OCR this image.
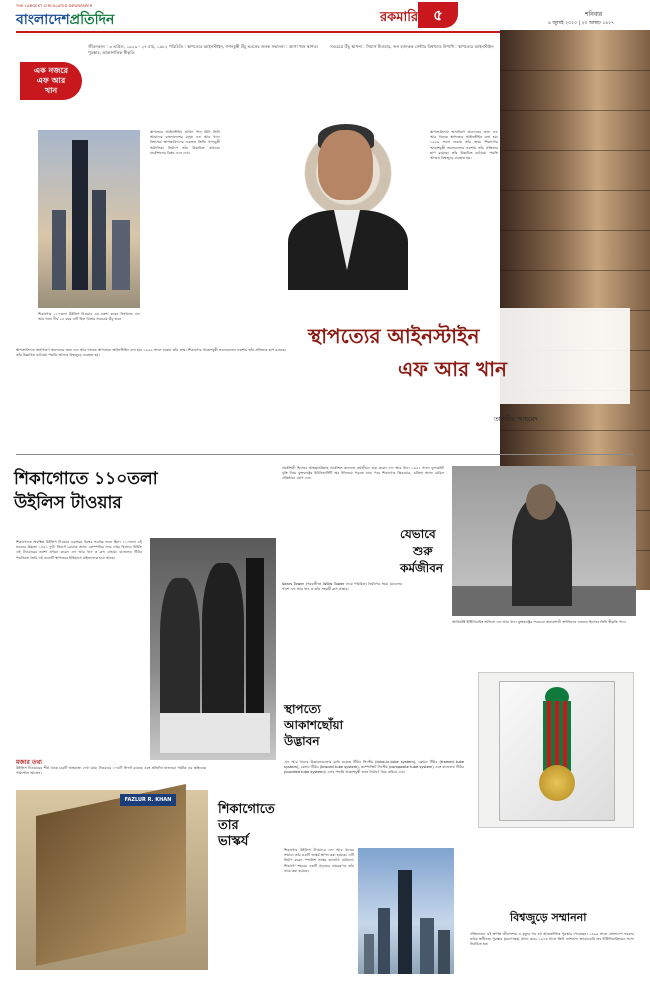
THE LARGEST CIRCULATED NEWSPAPER
বাংলাদেশপ্রতিদিন	রকমারি	৫	শনিবার
৪ জুলাই ২০২০ | ২০ আষাঢ় ১৪২৭
এক নজরে
এফ আর
খান
জীবনকাল : ৩ এপ্রিল, ১৯২৯ - ২৭ মার্চ, ১৯৮২ পরিচিতি : স্থাপত্যের আইনস্টাইন, গগনচুম্বী উঁচু ভবনের জনক সম্মাননা : আগা খান স্থাপত্য পুরস্কার, আন্তর্জাতিক স্বীকৃতি
সবচেয়ে উঁচু স্থাপনা : সিয়ার্স টাওয়ার, জন হ্যানকক সেন্টার বিশ্বখ্যাত উপাধি : স্থাপত্যের আইনস্টাইন
শিকাগোর ১১০তলা উইলিস টাওয়ার এর নকশা করেন বিশ্বখ্যাত এফ আর খান। দীর্ঘ ২৫ বছর এটি ছিল বিশ্বের সবচেয়ে উঁচু ভবন
স্থাপত্যের আইনস্টাইন আখ্যা পান যিনি তিনি আমাদের বাংলাদেশের মানুষ এফ আর খান। বিশ্বসেরা স্থাপত্যবিদদের একজন তিনি। গগনচুম্বী অট্টালিকা নির্মাণে তাঁর উদ্ভাবিত কাঠামো প্রকৌশলের বিপ্লব এনে দেয়।
স্থাপত্যবিদ্যায় অসাধারণ অবদানের জন্য এফ আর খানকে স্থাপত্যের আইনস্টাইন বলা হয়। ১৯২৯ সালে ঢাকায় তাঁর জন্ম। শিকাগোর আকাশচুম্বী ভবনগুলোর নকশায় তাঁর প্রতিভার ছাপ রয়েছে। তাঁর উদ্ভাবিত কাঠামো পদ্ধতি আজও বিশ্বজুড়ে ব্যবহৃত হয়।
স্থাপত্যবিদ্যায় অসাধারণ অবদানের জন্য এফ আর খানকে স্থাপত্যের আইনস্টাইন বলা হয়। ১৯২৯ সালে ঢাকায় তাঁর জন্ম। শিকাগোর আকাশচুম্বী ভবনগুলোর নকশায় তাঁর প্রতিভার ছাপ রয়েছে। তাঁর উদ্ভাবিত কাঠামো পদ্ধতি আজও বিশ্বজুড়ে ব্যবহৃত হয়।
স্থাপত্যের আইনস্টাইন
এফ আর খান
তানভীর আহমেদ
শিকাগোতে ১১০তলা
উইলিস টাওয়ার
শিকাগোতে অবস্থিত উইলিস টাওয়ার একসময় বিশ্বের সর্বোচ্চ ভবন ছিল। ১১০তলা এই ভবনের উচ্চতা ১৪৫১ ফুট। সিয়ার্স রোবাক অ্যান্ড কোম্পানির সদর দপ্তর হিসেবে নির্মিত এই টাওয়ারের নকশা প্রণয়ন করেন এফ আর খান ও ব্রুস গ্রাহাম। বান্ডেলড টিউব পদ্ধতিতে তৈরি এই ভবনটি স্থাপত্যের ইতিহাসে মাইলফলক হয়ে আছে।
মজার তথ্য
উইলিস টাওয়ারের শীর্ষ থেকে চারটি অঙ্গরাজ্য দেখা যায়। টাওয়ারে ১০৪টি লিফট রয়েছে এবং প্রতিদিন হাজারো পর্যটক এর স্কাইডেক পরিদর্শনে আসেন।
প্রকৌশলী হিসেবে আহছানউল্লাহ প্রকৌশল কলেজে কর্মজীবন শুরু করেন এফ আর খান। ১৯৫২ সালে ফুলব্রাইট বৃত্তি নিয়ে যুক্তরাষ্ট্রের ইউনিভার্সিটি অব ইলিনয়ে পড়তে যান। পরে শিকাগোর স্কিডমোর, ওয়িংস অ্যান্ড মেরিল প্রতিষ্ঠানে যোগ দেন।
Sears Tower (পরবর্তীতে Willis Tower নামে পরিচিত) নির্মাণের সময় মডেলের পাশে এফ আর খান ও তাঁর সহকর্মী ব্রুস গ্রাহাম।
যেভাবে
শুরু
কর্মজীবন
আর্কিটেক্ট ইঞ্জিনিয়ারিং অফিসে এফ আর খান। যুক্তরাষ্ট্রের সবচেয়ে প্রভাবশালী স্থপতিদের একজন হিসেবে তিনি স্বীকৃতি পান।
স্থাপত্যে
আকাশছোঁয়া
উদ্ভাবন
এফ আর খানের উদ্ভাবনগুলোর মধ্যে রয়েছে টিউব সিস্টেম (tube-in-tube system), ফ্রেমড টিউব (framed tube system), ব্রেসড টিউব (braced tube system), কম্পোজিট সিস্টেম (composite tube system) এবং বান্ডেলড টিউব (bundled tube system)। এসব পদ্ধতি আকাশচুম্বী ভবন নির্মাণে খরচ কমিয়ে দেয়।
FAZLUR R. KHAN
শিকাগোতে
তার
ভাস্কর্য
শিকাগোর উইলিস টাওয়ারে এফ আর খানের সম্মানে তাঁর একটি ভাস্কর্য স্থাপন করা হয়েছে। এটি নির্মাণ করেন স্প্যানিশ ভাস্কর কার্লোস মেরিনো। শিকাগো শহরের একটি সড়কের নামকরণও তাঁর নামে করা হয়েছে।
বিশ্বজুড়ে সম্মাননা
প্রতিভাবান এই স্থপতি জীবদ্দশায় ও মৃত্যুর পর বহু আন্তর্জাতিক পুরস্কার পেয়েছেন। ১৯৯৯ সালে বাংলাদেশ সরকার তাঁকে স্বাধীনতা পুরস্কার (মরণোত্তর) প্রদান করে। ১৯৭৩ সালে তিনি ন্যাশনাল অ্যাকাডেমি অব ইঞ্জিনিয়ারিংয়ের সদস্য নির্বাচিত হন।
